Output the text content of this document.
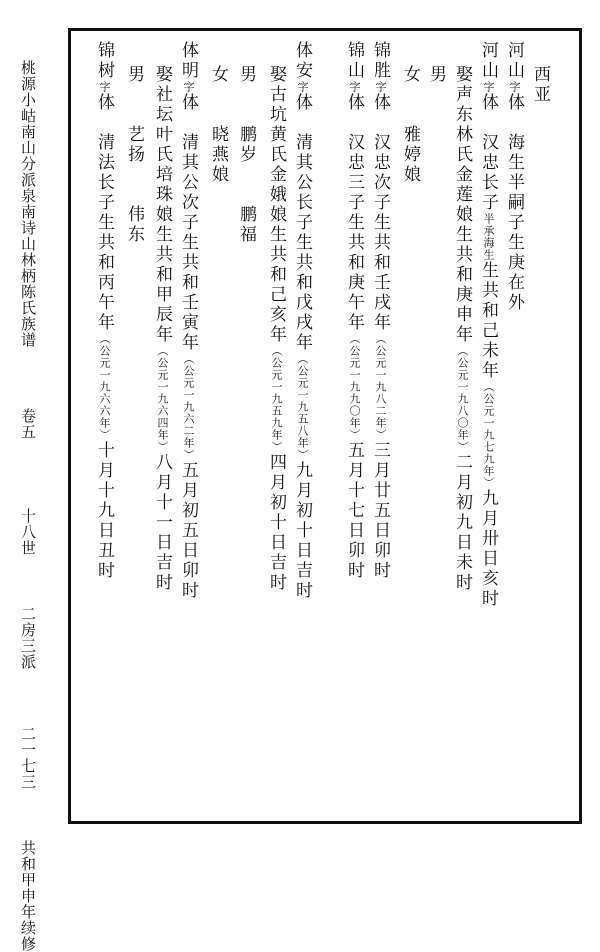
桃源小岵南山分派泉南诗山林柄陈氏族谱  卷五  十八世  二房三派  二一七三  共和甲申年续修
西亚
河山字体　海生半嗣子生庚在外
河山字体　汉忠长子半承海生生共和己未年︵公元一九七九年︶九月卅日亥时
娶声东林氏金莲娘生共和庚申年︵公元一九八〇年︶二月初九日未时
男
女　　雅婷娘
锦胜字体　汉忠次子生共和壬戌年︵公元一九八二年︶三月廿五日卯时
锦山字体　汉忠三子生共和庚午年︵公元一九九〇年︶五月十七日卯时
体安字体　清其公长子生共和戊戌年︵公元一九五八年︶九月初十日吉时
娶古坑黄氏金娥娘生共和己亥年︵公元一九五九年︶四月初十日吉时
男　　鹏岁　　鹏福
女　　晓燕娘
体明字体　清其公次子生共和壬寅年︵公元一九六二年︶五月初五日卯时
娶社坛叶氏培珠娘生共和甲辰年︵公元一九六四年︶八月十一日吉时
男　　艺扬　　伟东
锦树字体　清法长子生共和丙午年︵公元一九六六年︶十月十九日丑时
